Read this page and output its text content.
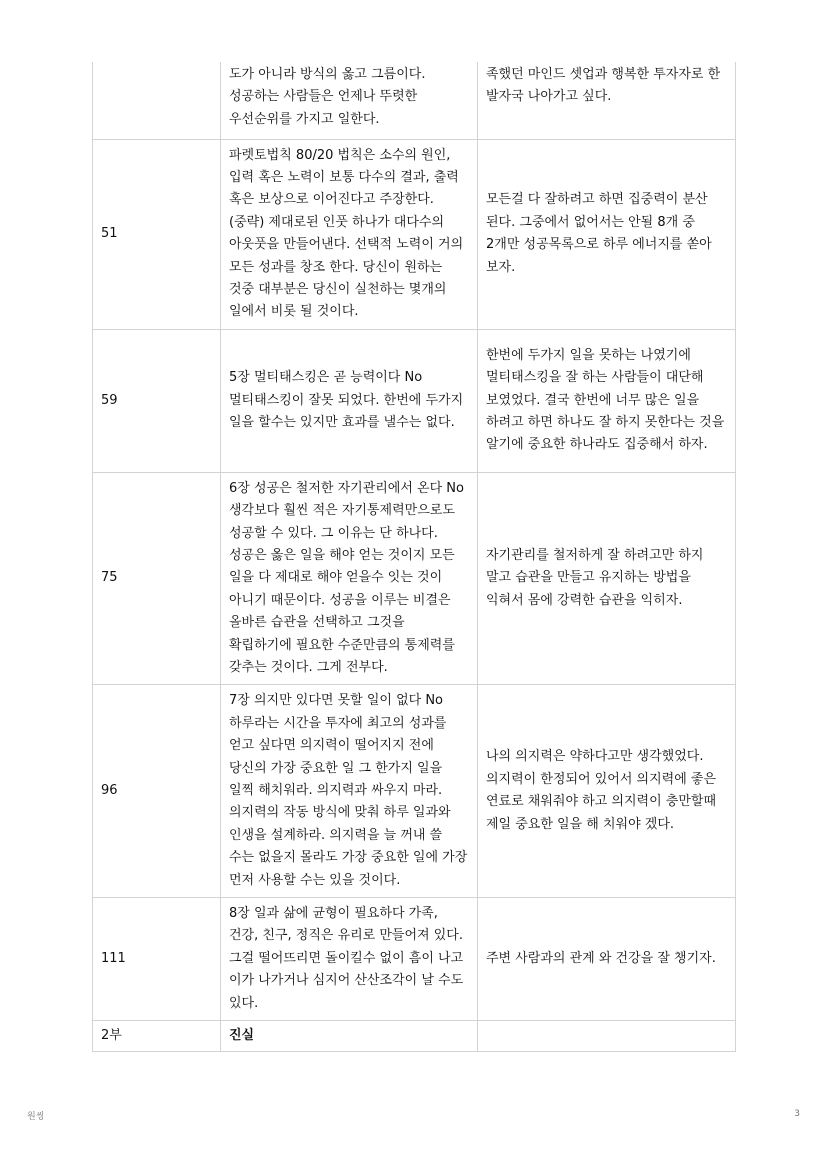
	도가 아니라 방식의 옳고 그름이다. 성공하는 사람들은 언제나 뚜렷한 우선순위를 가지고 일한다.	족했던 마인드 셋업과 행복한 투자자로 한 발자국 나아가고 싶다.
51	파렛토법칙 80/20 법칙은 소수의 원인, 입력 혹은 노력이 보통 다수의 결과, 출력 혹은 보상으로 이어진다고 주장한다. (중략) 제대로된 인풋 하나가 대다수의 아웃풋을 만들어낸다. 선택적 노력이 거의 모든 성과를 창조 한다. 당신이 원하는 것중 대부분은 당신이 실천하는 몇개의 일에서 비롯 될 것이다.	모든걸 다 잘하려고 하면 집중력이 분산 된다. 그중에서 없어서는 안될 8개 중 2개만 성공목록으로 하루 에너지를 쏟아 보자.
59	5장 멀티태스킹은 곧 능력이다 No 멀티태스킹이 잘못 되었다. 한번에 두가지 일을 할수는 있지만 효과를 낼수는 없다.	한번에 두가지 일을 못하는 나였기에 멀티태스킹을 잘 하는 사람들이 대단해 보였었다. 결국 한번에 너무 많은 일을 하려고 하면 하나도 잘 하지 못한다는 것을 알기에 중요한 하나라도 집중해서 하자.
75	6장 성공은 철저한 자기관리에서 온다 No 생각보다 훨씬 적은 자기통제력만으로도 성공할 수 있다. 그 이유는 단 하나다. 성공은 옳은 일을 해야 얻는 것이지 모든 일을 다 제대로 해야 얻을수 잇는 것이 아니기 때문이다. 성공을 이루는 비결은 올바른 습관을 선택하고 그것을 확립하기에 필요한 수준만큼의 통제력를 갖추는 것이다. 그게 전부다.	자기관리를 철저하게 잘 하려고만 하지 말고 습관을 만들고 유지하는 방법을 익혀서 몸에 강력한 습관을 익히자.
96	7장 의지만 있다면 못할 일이 없다 No 하루라는 시간을 투자에 최고의 성과를 얻고 싶다면 의지력이 떨어지지 전에 당신의 가장 중요한 일 그 한가지 일을 일찍 해치워라. 의지력과 싸우지 마라. 의지력의 작동 방식에 맞춰 하루 일과와 인생을 설계하라. 의지력을 늘 꺼내 쓸 수는 없을지 몰라도 가장 중요한 일에 가장 먼저 사용할 수는 있을 것이다.	나의 의지력은 약하다고만 생각했었다. 의지력이 한정되어 있어서 의지력에 좋은 연료로 채워줘야 하고 의지력이 충만할때 제일 중요한 일을 해 치워야 겠다.
111	8장 일과 삶에 균형이 필요하다 가족, 건강, 친구, 정직은 유리로 만들어져 있다. 그걸 떨어뜨리면 돌이킬수 없이 흠이 나고 이가 나가거나 심지어 산산조각이 날 수도 있다.	주변 사람과의 관계 와 건강을 잘 챙기자.
2부	진실	
원씽	3
